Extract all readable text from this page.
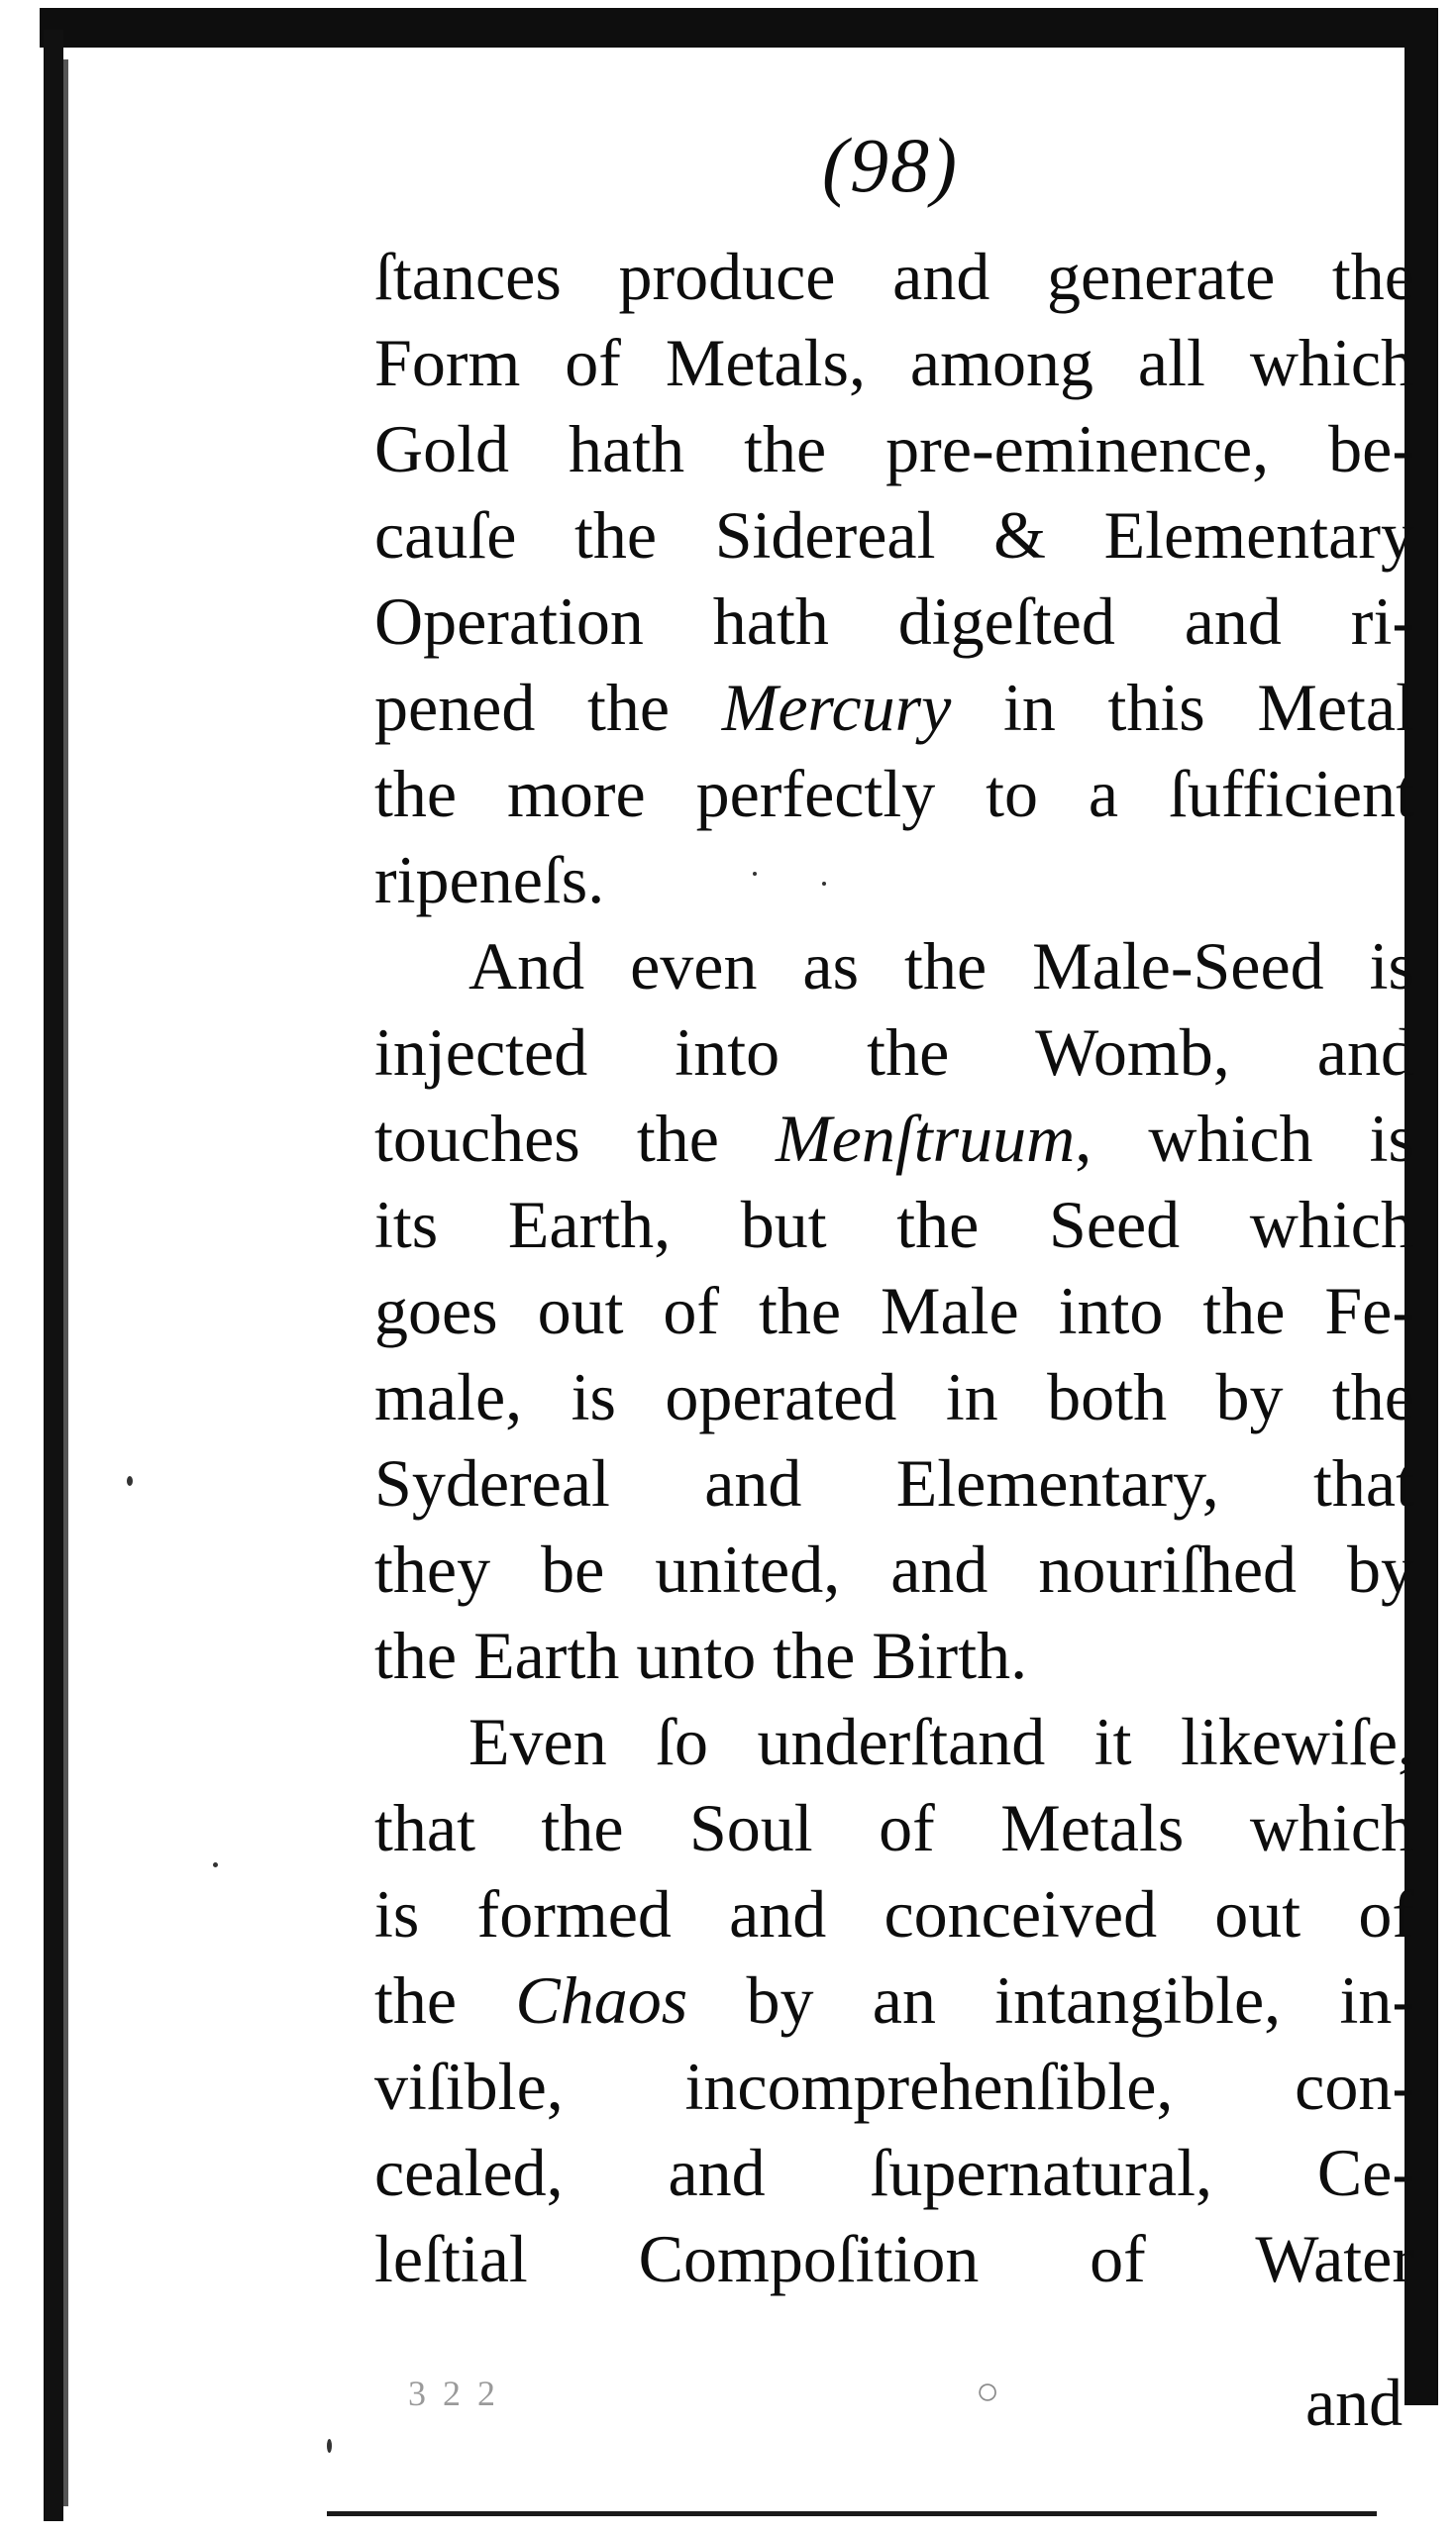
(98)
ſtances produce and generate the
Form of Metals, among all which
Gold hath the pre-eminence, be-
cauſe the Sidereal & Elementary
Operation hath digeſted and ri-
pened the Mercury in this Metal
the more perfectly to a ſufficient
ripeneſs.
And even as the Male-Seed is
injected into the Womb, and
touches the Menſtruum, which is
its Earth, but the Seed which
goes out of the Male into the Fe-
male, is operated in both by the
Sydereal and Elementary, that
they be united, and nouriſhed by
the Earth unto the Birth.
Even ſo underſtand it likewiſe,
that the Soul of Metals which
is formed and conceived out of
the Chaos by an intangible, in-
viſible, incomprehenſible, con-
cealed, and ſupernatural, Ce-
leſtial Compoſition of Water
3 2 2	○	and
